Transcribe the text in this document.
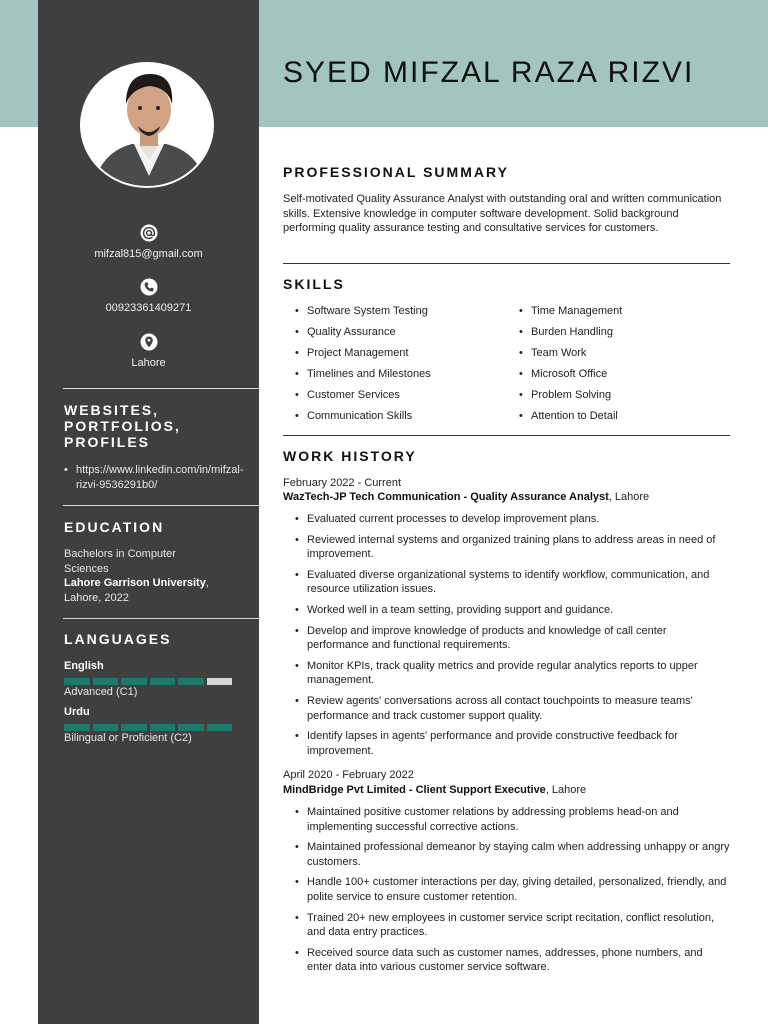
mifzal815@gmail.com
00923361409271
Lahore
WEBSITES, PORTFOLIOS, PROFILES
• https://www.linkedin.com/in/mifzal-rizvi-9536291b0/
EDUCATION
Bachelors in Computer Sciences
Lahore Garrison University, Lahore, 2022
LANGUAGES
English
Advanced (C1)
Urdu
Bilingual or Proficient (C2)
SYED MIFZAL RAZA RIZVI
PROFESSIONAL SUMMARY
Self-motivated Quality Assurance Analyst with outstanding oral and written communication skills. Extensive knowledge in computer software development. Solid background performing quality assurance testing and consultative services for customers.
SKILLS
• Software System Testing
• Quality Assurance
• Project Management
• Timelines and Milestones
• Customer Services
• Communication Skills
• Time Management
• Burden Handling
• Team Work
• Microsoft Office
• Problem Solving
• Attention to Detail
WORK HISTORY
February 2022 - Current
WazTech-JP Tech Communication - Quality Assurance Analyst, Lahore
• Evaluated current processes to develop improvement plans.
• Reviewed internal systems and organized training plans to address areas in need of improvement.
• Evaluated diverse organizational systems to identify workflow, communication, and resource utilization issues.
• Worked well in a team setting, providing support and guidance.
• Develop and improve knowledge of products and knowledge of call center performance and functional requirements.
• Monitor KPIs, track quality metrics and provide regular analytics reports to upper management.
• Review agents' conversations across all contact touchpoints to measure teams' performance and track customer support quality.
• Identify lapses in agents' performance and provide constructive feedback for improvement.
April 2020 - February 2022
MindBridge Pvt Limited - Client Support Executive, Lahore
• Maintained positive customer relations by addressing problems head-on and implementing successful corrective actions.
• Maintained professional demeanor by staying calm when addressing unhappy or angry customers.
• Handle 100+ customer interactions per day, giving detailed, personalized, friendly, and polite service to ensure customer retention.
• Trained 20+ new employees in customer service script recitation, conflict resolution, and data entry practices.
• Received source data such as customer names, addresses, phone numbers, and enter data into various customer service software.
